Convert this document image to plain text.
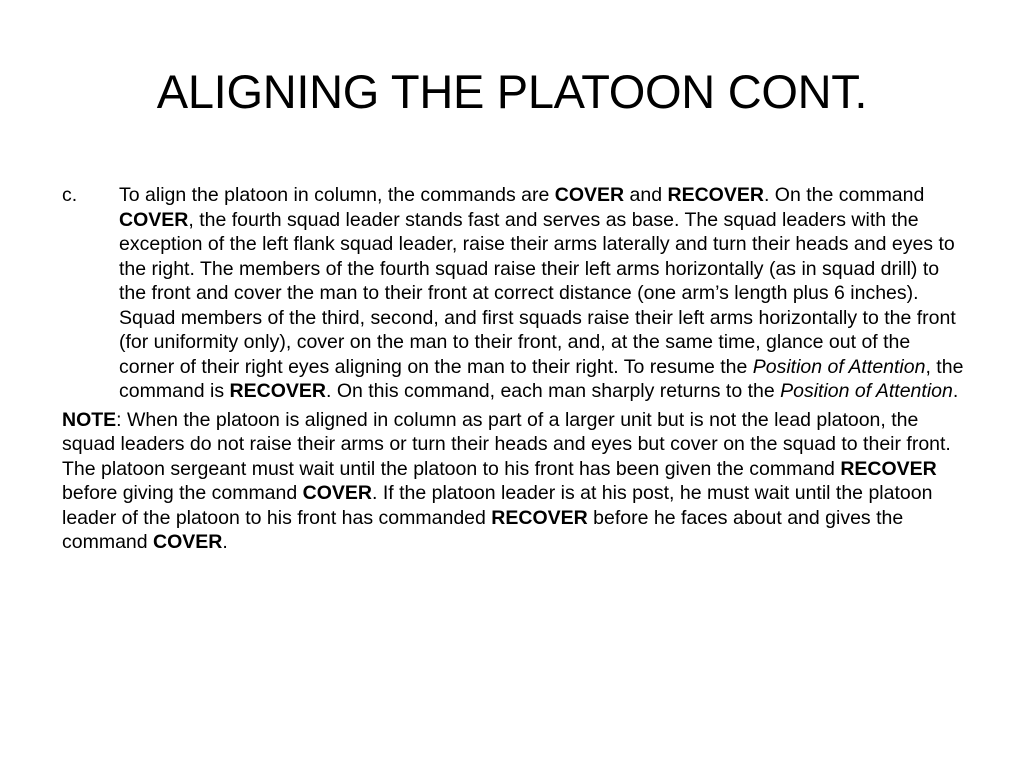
ALIGNING THE PLATOON CONT.
c.	To align the platoon in column, the commands are COVER and RECOVER. On the command COVER, the fourth squad leader stands fast and serves as base. The squad leaders with the exception of the left flank squad leader, raise their arms laterally and turn their heads and eyes to the right. The members of the fourth squad raise their left arms horizontally (as in squad drill) to the front and cover the man to their front at correct distance (one arm’s length plus 6 inches). Squad members of the third, second, and first squads raise their left arms horizontally to the front (for uniformity only), cover on the man to their front, and, at the same time, glance out of the corner of their right eyes aligning on the man to their right. To resume the Position of Attention, the command is RECOVER. On this command, each man sharply returns to the Position of Attention.

NOTE: When the platoon is aligned in column as part of a larger unit but is not the lead platoon, the squad leaders do not raise their arms or turn their heads and eyes but cover on the squad to their front. The platoon sergeant must wait until the platoon to his front has been given the command RECOVER before giving the command COVER. If the platoon leader is at his post, he must wait until the platoon leader of the platoon to his front has commanded RECOVER before he faces about and gives the command COVER.
